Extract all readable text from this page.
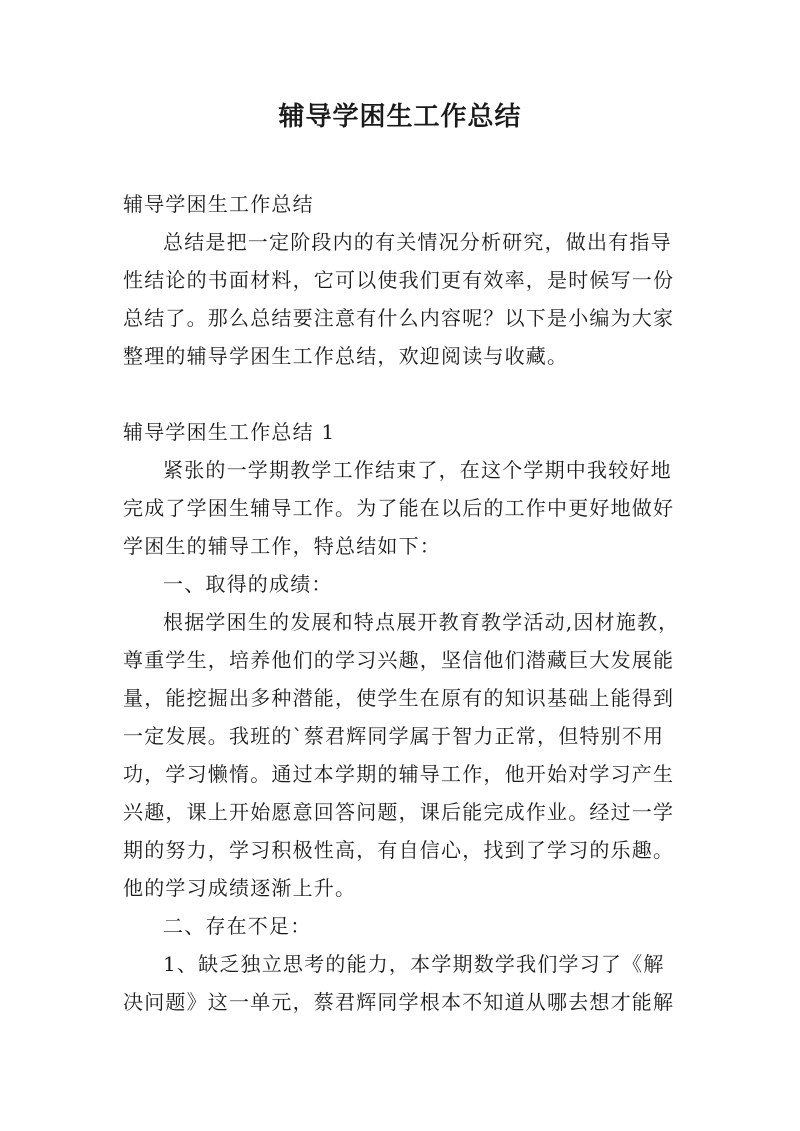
辅导学困生工作总结
辅导学困生工作总结
总结是把一定阶段内的有关情况分析研究，做出有指导
性结论的书面材料，它可以使我们更有效率，是时候写一份
总结了。那么总结要注意有什么内容呢？以下是小编为大家
整理的辅导学困生工作总结，欢迎阅读与收藏。
辅导学困生工作总结 1
紧张的一学期教学工作结束了，在这个学期中我较好地
完成了学困生辅导工作。为了能在以后的工作中更好地做好
学困生的辅导工作，特总结如下：
一、取得的成绩：
根据学困生的发展和特点展开教育教学活动,因材施教，
尊重学生，培养他们的学习兴趣，坚信他们潜藏巨大发展能
量，能挖掘出多种潜能，使学生在原有的知识基础上能得到
一定发展。我班的`蔡君辉同学属于智力正常，但特别不用
功，学习懒惰。通过本学期的辅导工作，他开始对学习产生
兴趣，课上开始愿意回答问题，课后能完成作业。经过一学
期的努力，学习积极性高，有自信心，找到了学习的乐趣。
他的学习成绩逐渐上升。
二、存在不足：
1、缺乏独立思考的能力，本学期数学我们学习了《解
决问题》这一单元，蔡君辉同学根本不知道从哪去想才能解
